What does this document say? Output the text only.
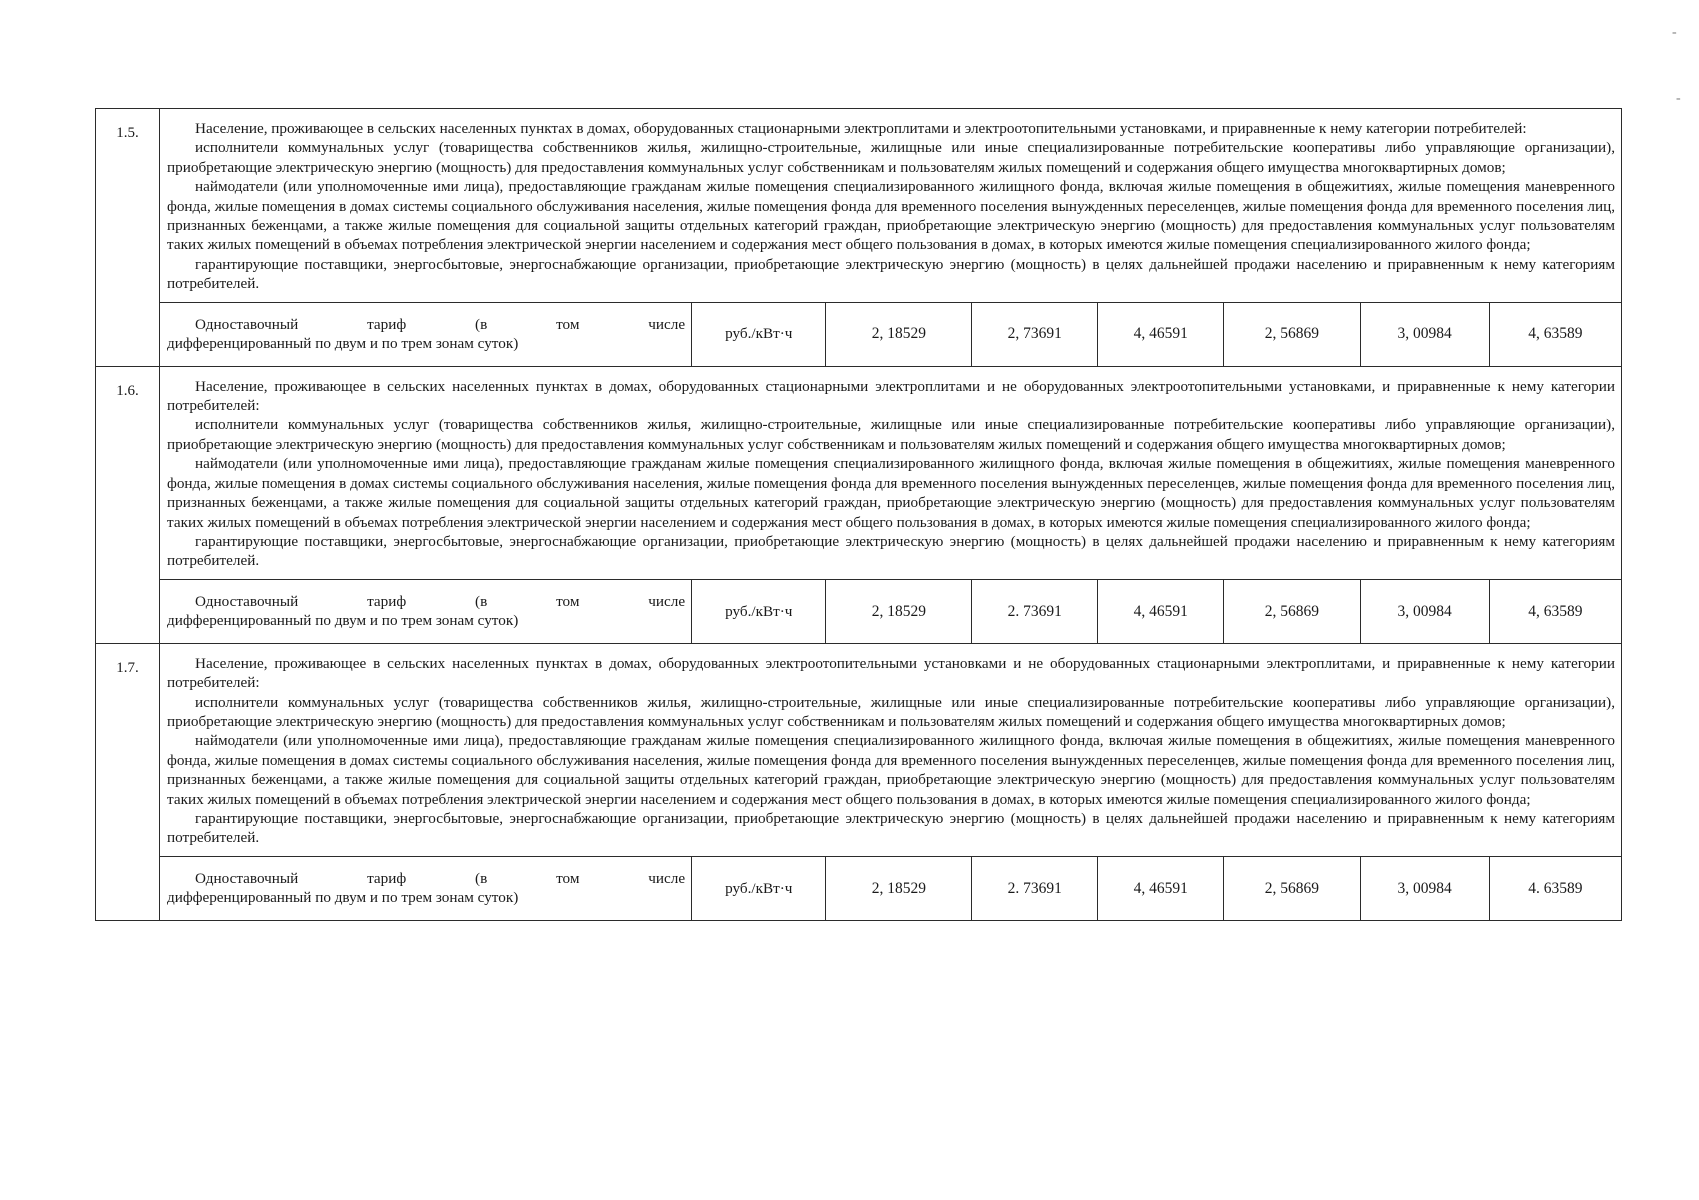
-
-
1.5.	Население, проживающее в сельских населенных пунктах в домах, оборудованных стационарными электроплитами и электроотопительными установками, и приравненные к нему категории потребителей:

исполнители коммунальных услуг (товарищества собственников жилья, жилищно-строительные, жилищные или иные специализированные потребительские кооперативы либо управляющие организации), приобретающие электрическую энергию (мощность) для предоставления коммунальных услуг собственникам и пользователям жилых помещений и содержания общего имущества многоквартирных домов;

наймодатели (или уполномоченные ими лица), предоставляющие гражданам жилые помещения специализированного жилищного фонда, включая жилые помещения в общежитиях, жилые помещения маневренного фонда, жилые помещения в домах системы социального обслуживания населения, жилые помещения фонда для временного поселения вынужденных переселенцев, жилые помещения фонда для временного поселения лиц, признанных беженцами, а также жилые помещения для социальной защиты отдельных категорий граждан, приобретающие электрическую энергию (мощность) для предоставления коммунальных услуг пользователям таких жилых помещений в объемах потребления электрической энергии населением и содержания мест общего пользования в домах, в которых имеются жилые помещения специализированного жилого фонда;

гарантирующие поставщики, энергосбытовые, энергоснабжающие организации, приобретающие электрическую энергию (мощность) в целях дальнейшей продажи населению и приравненным к нему категориям потребителей.

Одноставочный тариф (в том числе
дифференцированный по двум и по трем зонам суток)
	руб./кВт·ч	2, 18529	2, 73691	4, 46591	2, 56869	3, 00984	4, 63589

1.6.	Население, проживающее в сельских населенных пунктах в домах, оборудованных стационарными электроплитами и не оборудованных электроотопительными установками, и приравненные к нему категории потребителей:

исполнители коммунальных услуг (товарищества собственников жилья, жилищно-строительные, жилищные или иные специализированные потребительские кооперативы либо управляющие организации), приобретающие электрическую энергию (мощность) для предоставления коммунальных услуг собственникам и пользователям жилых помещений и содержания общего имущества многоквартирных домов;

наймодатели (или уполномоченные ими лица), предоставляющие гражданам жилые помещения специализированного жилищного фонда, включая жилые помещения в общежитиях, жилые помещения маневренного фонда, жилые помещения в домах системы социального обслуживания населения, жилые помещения фонда для временного поселения вынужденных переселенцев, жилые помещения фонда для временного поселения лиц, признанных беженцами, а также жилые помещения для социальной защиты отдельных категорий граждан, приобретающие электрическую энергию (мощность) для предоставления коммунальных услуг пользователям таких жилых помещений в объемах потребления электрической энергии населением и содержания мест общего пользования в домах, в которых имеются жилые помещения специализированного жилого фонда;

гарантирующие поставщики, энергосбытовые, энергоснабжающие организации, приобретающие электрическую энергию (мощность) в целях дальнейшей продажи населению и приравненным к нему категориям потребителей.

Одноставочный тариф (в том числе
дифференцированный по двум и по трем зонам суток)
	руб./кВт·ч	2, 18529	2. 73691	4, 46591	2, 56869	3, 00984	4, 63589

1.7.	Население, проживающее в сельских населенных пунктах в домах, оборудованных электроотопительными установками и не оборудованных стационарными электроплитами, и приравненные к нему категории потребителей:

исполнители коммунальных услуг (товарищества собственников жилья, жилищно-строительные, жилищные или иные специализированные потребительские кооперативы либо управляющие организации), приобретающие электрическую энергию (мощность) для предоставления коммунальных услуг собственникам и пользователям жилых помещений и содержания общего имущества многоквартирных домов;

наймодатели (или уполномоченные ими лица), предоставляющие гражданам жилые помещения специализированного жилищного фонда, включая жилые помещения в общежитиях, жилые помещения маневренного фонда, жилые помещения в домах системы социального обслуживания населения, жилые помещения фонда для временного поселения вынужденных переселенцев, жилые помещения фонда для временного поселения лиц, признанных беженцами, а также жилые помещения для социальной защиты отдельных категорий граждан, приобретающие электрическую энергию (мощность) для предоставления коммунальных услуг пользователям таких жилых помещений в объемах потребления электрической энергии населением и содержания мест общего пользования в домах, в которых имеются жилые помещения специализированного жилого фонда;

гарантирующие поставщики, энергосбытовые, энергоснабжающие организации, приобретающие электрическую энергию (мощность) в целях дальнейшей продажи населению и приравненным к нему категориям потребителей.

Одноставочный тариф (в том числе
дифференцированный по двум и по трем зонам суток)
	руб./кВт·ч	2, 18529	2. 73691	4, 46591	2, 56869	3, 00984	4. 63589
